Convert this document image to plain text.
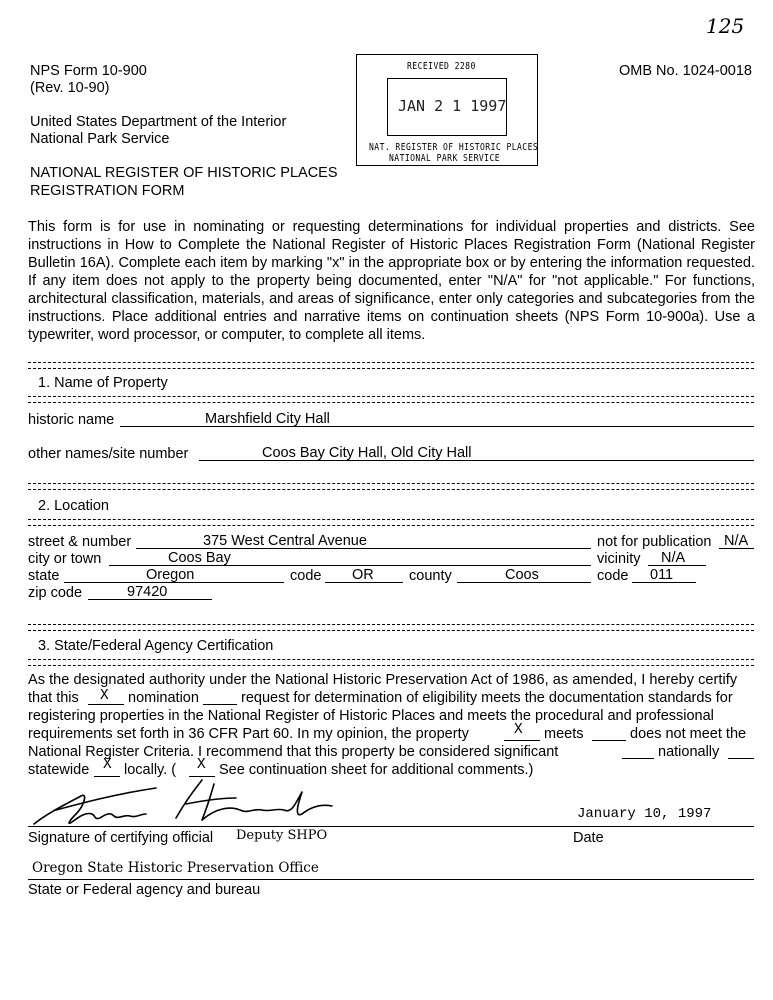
125
NPS Form 10-900
(Rev. 10-90)
OMB No. 1024-0018
United States Department of the Interior
National Park Service
NATIONAL REGISTER OF HISTORIC PLACES
REGISTRATION FORM
RECEIVED 2280
JAN 2 1 1997
NAT. REGISTER OF HISTORIC PLACES
NATIONAL PARK SERVICE
This form is for use in nominating or requesting determinations for individual properties and districts. See instructions in How to Complete the National Register of Historic Places Registration Form (National Register Bulletin 16A). Complete each item by marking "x" in the appropriate box or by entering the information requested. If any item does not apply to the property being documented, enter "N/A" for "not applicable." For functions, architectural classification, materials, and areas of significance, enter only categories and subcategories from the instructions. Place additional entries and narrative items on continuation sheets (NPS Form 10-900a). Use a typewriter, word processor, or computer, to complete all items.
1. Name of Property
historic name	Marshfield City Hall
other names/site number	Coos Bay City Hall, Old City Hall
2. Location
street & number	375 West Central Avenue	not for publication N/A
city or town	Coos Bay	vicinity N/A
state	Oregon	code OR county	Coos	code 011
zip code	97420
3. State/Federal Agency Certification
As the designated authority under the National Historic Preservation Act of 1986, as amended, I hereby certify
that this X nomination	request for determination of eligibility meets the documentation standards for
registering properties in the National Register of Historic Places and meets the procedural and professional
requirements set forth in 36 CFR Part 60. In my opinion, the property	X meets	does not meet the
National Register Criteria. I recommend that this property be considered significant	nationally
statewide X locally. ( X See continuation sheet for additional comments.)
January 10, 1997
Signature of certifying official Deputy SHPO	Date
Oregon State Historic Preservation Office
State or Federal agency and bureau
